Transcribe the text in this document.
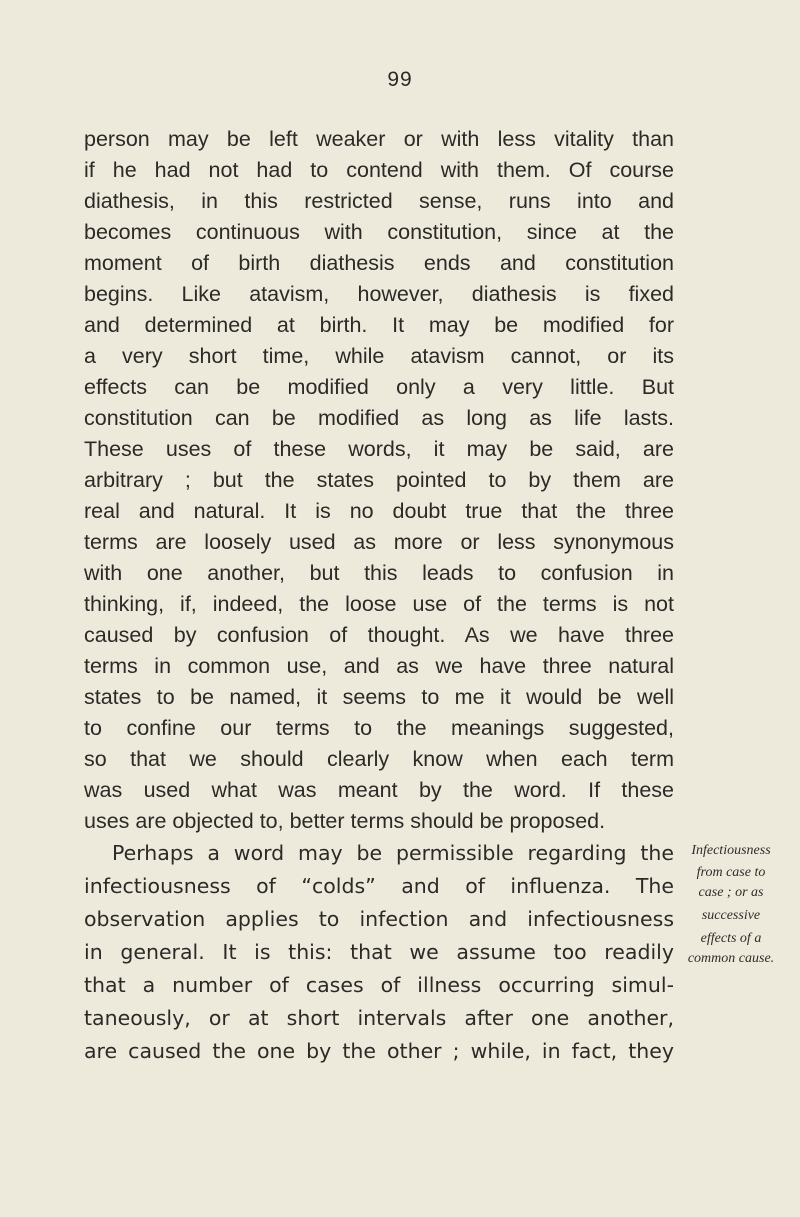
99
person may be left weaker or with less vitality than
if he had not had to contend with them. Of course
diathesis, in this restricted sense, runs into and
becomes continuous with constitution, since at the
moment of birth diathesis ends and constitution
begins. Like atavism, however, diathesis is fixed
and determined at birth. It may be modified for
a very short time, while atavism cannot, or its
effects can be modified only a very little. But
constitution can be modified as long as life lasts.
These uses of these words, it may be said, are
arbitrary ; but the states pointed to by them are
real and natural. It is no doubt true that the three
terms are loosely used as more or less synonymous
with one another, but this leads to confusion in
thinking, if, indeed, the loose use of the terms is not
caused by confusion of thought. As we have three
terms in common use, and as we have three natural
states to be named, it seems to me it would be well
to confine our terms to the meanings suggested,
so that we should clearly know when each term
was used what was meant by the word. If these
uses are objected to, better terms should be proposed.
Perhaps a word may be permissible regarding the
infectiousness of “colds” and of influenza. The
observation applies to infection and infectiousness
in general. It is this: that we assume too readily
that a number of cases of illness occurring simul-
taneously, or at short intervals after one another,
are caused the one by the other ; while, in fact, they
Infectiousness
from case to
case ; or as
successive
effects of a
common cause.
